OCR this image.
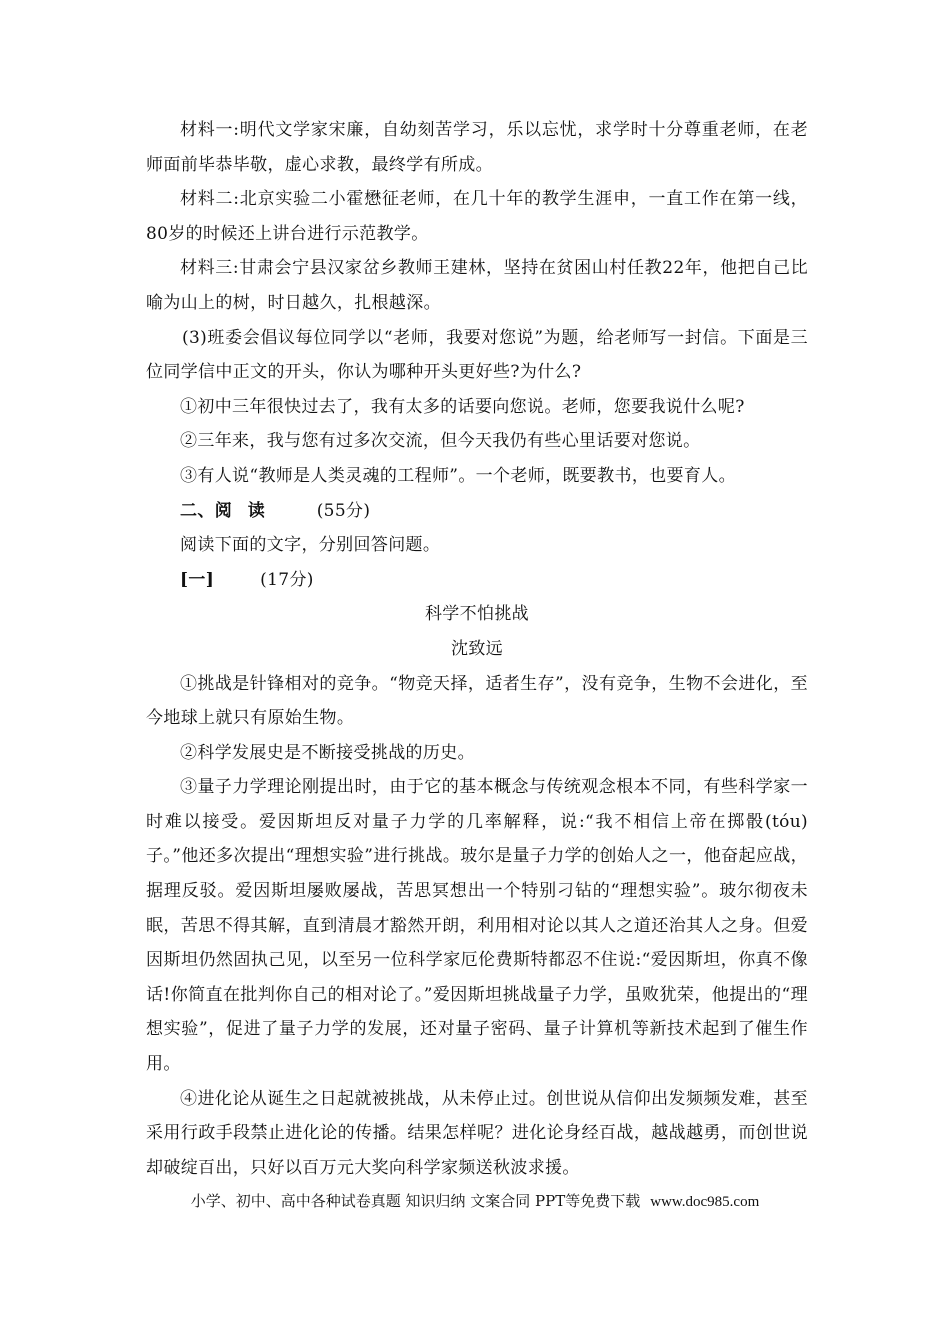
材料一:明代文学家宋廉，自幼刻苦学习，乐以忘忧，求学时十分尊重老师，在老师面前毕恭毕敬，虚心求教，最终学有所成。

材料二:北京实验二小霍懋征老师，在几十年的教学生涯申，一直工作在第一线，80岁的时候还上讲台进行示范教学。

材料三:甘肃会宁县汉家岔乡教师王建林，坚持在贫困山村任教22年，他把自己比喻为山上的树，时日越久，扎根越深。

(3)班委会倡议每位同学以“老师，我要对您说”为题，给老师写一封信。下面是三位同学信中正文的开头，你认为哪种开头更好些?为什么?

①初中三年很快过去了，我有太多的话要向您说。老师，您要我说什么呢?

②三年来，我与您有过多次交流，但今天我仍有些心里话要对您说。

③有人说“教师是人类灵魂的工程师”。一个老师，既要教书，也要育人。

二、阅读 (55分)

阅读下面的文字，分别回答问题。

[一]	(17分)

科学不怕挑战

沈致远

①挑战是针锋相对的竞争。“物竞天择，适者生存”，没有竞争，生物不会进化，至今地球上就只有原始生物。

②科学发展史是不断接受挑战的历史。

③量子力学理论刚提出时，由于它的基本概念与传统观念根本不同，有些科学家一时难以接受。爱因斯坦反对量子力学的几率解释，说:“我不相信上帝在掷骰(tóu)子。”他还多次提出“理想实验”进行挑战。玻尔是量子力学的创始人之一，他奋起应战，据理反驳。爱因斯坦屡败屡战，苦思冥想出一个特别刁钻的“理想实验”。玻尔彻夜未眠，苦思不得其解，直到清晨才豁然开朗，利用相对论以其人之道还治其人之身。但爱因斯坦仍然固执己见，以至另一位科学家厄伦费斯特都忍不住说:“爱因斯坦，你真不像话!你简直在批判你自己的相对论了。”爱因斯坦挑战量子力学，虽败犹荣，他提出的“理想实验”，促进了量子力学的发展，还对量子密码、量子计算机等新技术起到了催生作用。

④进化论从诞生之日起就被挑战，从未停止过。创世说从信仰出发频频发难，甚至采用行政手段禁止进化论的传播。结果怎样呢？进化论身经百战，越战越勇，而创世说却破绽百出，只好以百万元大奖向科学家频送秋波求援。

小学、初中、高中各种试卷真题 知识归纳 文案合同 PPT等免费下载 www.doc985.com
